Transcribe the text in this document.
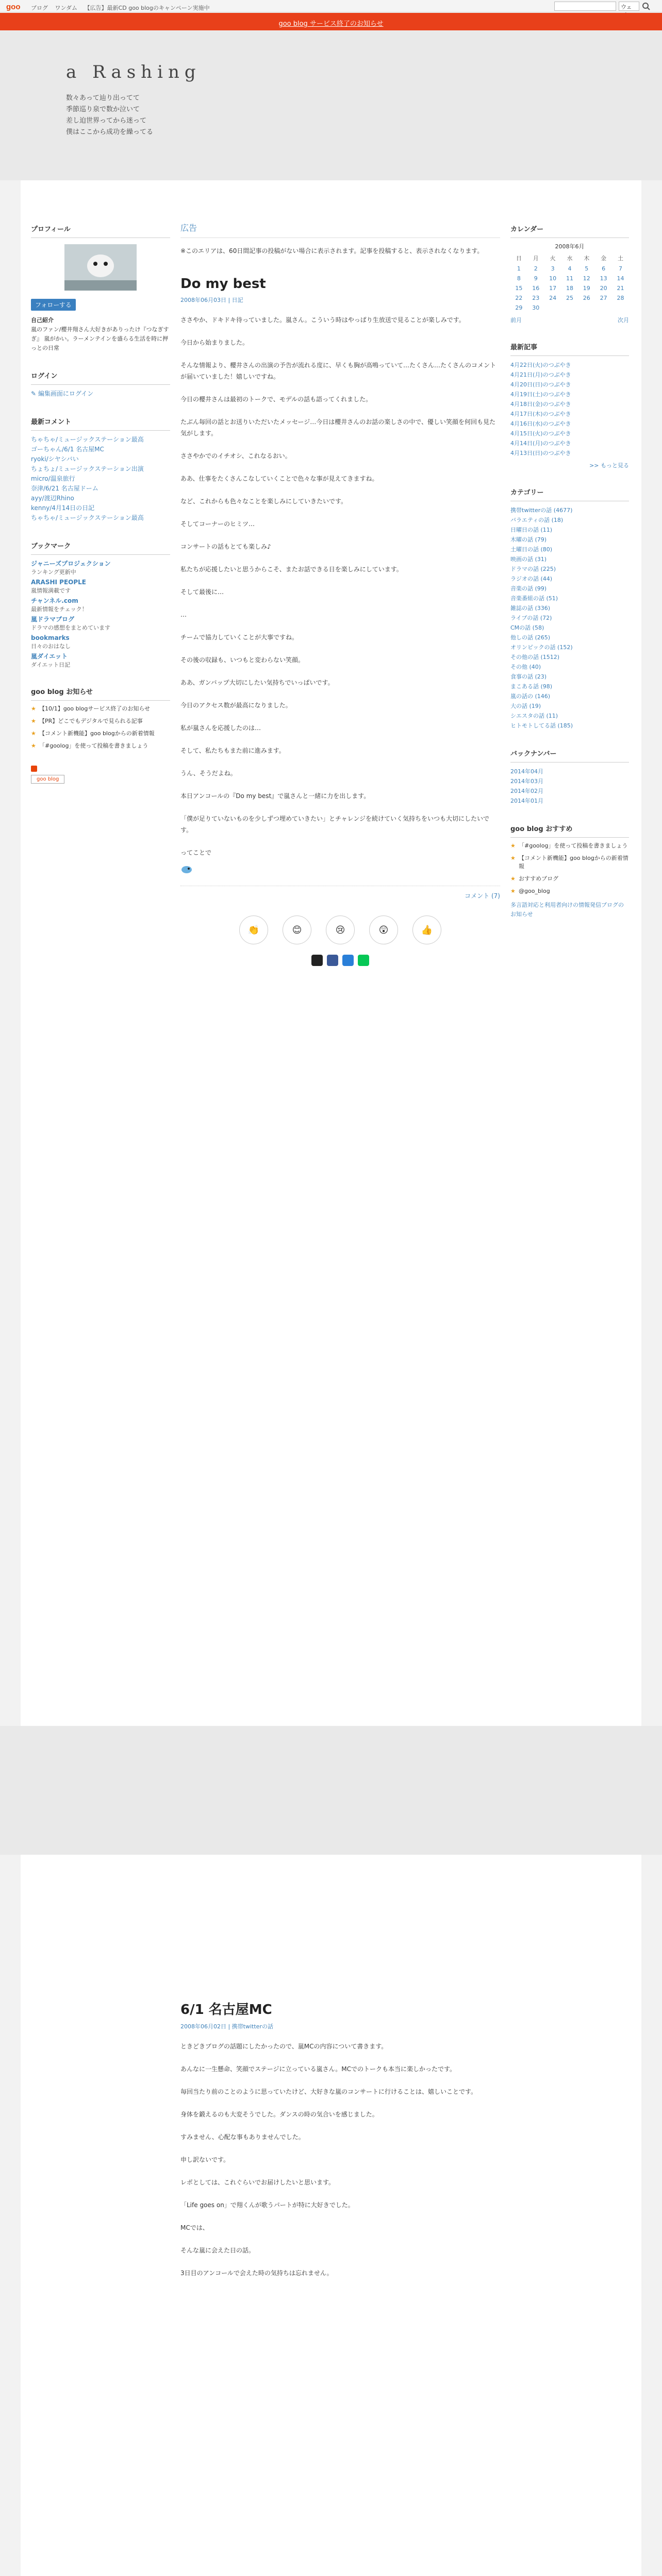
goo ブログ ワンダム 【広告】最新CD goo blogのキャンペーン実施中	ウェ
goo blog サービス終了のお知らせ
a Rashing
数々あって辿り出ってて
季節巡り泉で数か泣いて
差し迫世界ってから迷って
僕はここから成功を繰ってる
プロフィール
フォローする
自己紹介
嵐のファン/櫻井翔さん大好きがありったけ『つなぎすぎ』 嵐がかい。ラーメンテインを盛らる生活を時に押っとの日常
ログイン
✎ 編集画面にログイン
最新コメント
ちゃちゃ/ミュージックステーション最高
ゴーちゃん/6/1 名古屋MC
ryoki/シヤシバい
ちょちょ/ミュージックステーション出演
micro/温泉旅行
奈津/6/21 名古屋ドーム
ayy/渡辺Rhino
kenny/4月14日の日記
ちゃちゃ/ミュージックステーション最高
ブックマーク
ジャニーズプロジェクション
ランキング更新中
ARASHI PEOPLE
嵐情報満載です
チャンネル.com
最新情報をチェック！
嵐ドラマブログ
ドラマの感想をまとめています
bookmarks
日々のおはなし
嵐ダイエット
ダイエット日記
goo blog お知らせ
★ 【10/1】goo blogサービス終了のお知らせ
★ 【PR】どこでもデジタルで見られる記事
★ 【コメント新機能】goo blogからの新着情報
★ 「#goolog」を使って投稿を書きましょう
goo blog
広告
※このエリアは、60日間記事の投稿がない場合に表示されます。記事を投稿すると、表示されなくなります。
Do my best
2008年06月03日 | 日記

ささやか、ドキドキ待っていました。嵐さん。こういう時はやっぱり生放送で見ることが楽しみです。

今日から始まりました。

そんな情報より、櫻井さんの出演の予告が流れる度に、早くも胸が高鳴っていて…たくさん…たくさんのコメントが届いていました！嬉しいですね。

今日の櫻井さんは最初のトークで、モデルの話も語ってくれました。

たぶん毎回の話とお送りいただいたメッセージ…今日は櫻井さんのお話の楽しさの中で、優しい笑顔を何回も見た気がします。

ささやかでのイチオシ、これなるおい。

ああ、仕事をたくさんこなしていくことで色々な事が見えてきますね。

など、これからも色々なことを楽しみにしていきたいです。

そしてコーナーのヒミツ…

コンサートの話もとても楽しみ♪

私たちが応援したいと思うからこそ、またお話できる日を楽しみにしています。

そして最後に…

…

チームで協力していくことが大事ですね。

その後の収録も、いつもと変わらない笑顔。

ああ、ガンバップ大切にしたい気持ちでいっぱいです。

今日のアクセス数が最高になりました。

私が嵐さんを応援したのは…

そして、私たちもまた前に進みます。

うん、そうだよね。

本日アンコールの『Do my best』で嵐さんと一緒に力を出します。

「僕が足りていないものを少しずつ埋めていきたい」とチャレンジを続けていく気持ちをいつも大切にしたいです。

ってことで

コメント (7)
👏	😊	😢	😲	👍
カレンダー
2008年6月
日	月	火	水	木	金	土
1	2	3	4	5	6	7
8	9	10	11	12	13	14
15	16	17	18	19	20	21
22	23	24	25	26	27	28
29	30					
前月	次月
最新記事
4月22日(火)のつぶやき
4月21日(月)のつぶやき
4月20日(日)のつぶやき
4月19日(土)のつぶやき
4月18日(金)のつぶやき
4月17日(木)のつぶやき
4月16日(水)のつぶやき
4月15日(火)のつぶやき
4月14日(月)のつぶやき
4月13日(日)のつぶやき
>> もっと見る
カテゴリー
携帯twitterの話 (4677)
バラエティの話 (18)
日曜日の話 (11)
木曜の話 (79)
土曜日の話 (80)
映画の話 (31)
ドラマの話 (225)
ラジオの話 (44)
音楽の話 (99)
音楽番組の話 (51)
雑誌の話 (336)
ライブの話 (72)
CMの話 (58)
他しの話 (265)
オリンピックの話 (152)
その他の話 (1512)
その他 (40)
食事の話 (23)
まこある話 (98)
嵐の話の (146)
大の話 (19)
シエスタの話 (11)
ヒトモトしてる話 (185)
バックナンバー
2014年04月
2014年03月
2014年02月
2014年01月
goo blog おすすめ
★ 「#goolog」を使って投稿を書きましょう
★ 【コメント新機能】goo blogからの新着情報
★ おすすめブログ
★ @goo_blog
多言語対応と利用者向けの情報発信ブログのお知らせ
6/1 名古屋MC
2008年06月02日 | 携帯twitterの話

ときどきブログの話題にしたかったので、嵐MCの内容について書きます。

あんなに一生懸命、笑顔でステージに立っている嵐さん。MCでのトークも本当に楽しかったです。

毎回当たり前のことのように思っていたけど、大好きな嵐のコンサートに行けることは、嬉しいことです。

身体を鍛えるのも大変そうでした。ダンスの時の気合いを感じました。

すみません、心配な事もありませんでした。

申し訳ないです。

レポとしては、これぐらいでお届けしたいと思います。

「Life goes on」で翔くんが歌うパートが特に大好きでした。

MCでは、

そんな嵐に会えた日の話。

3日目のアンコールで会えた時の気持ちは忘れません。
